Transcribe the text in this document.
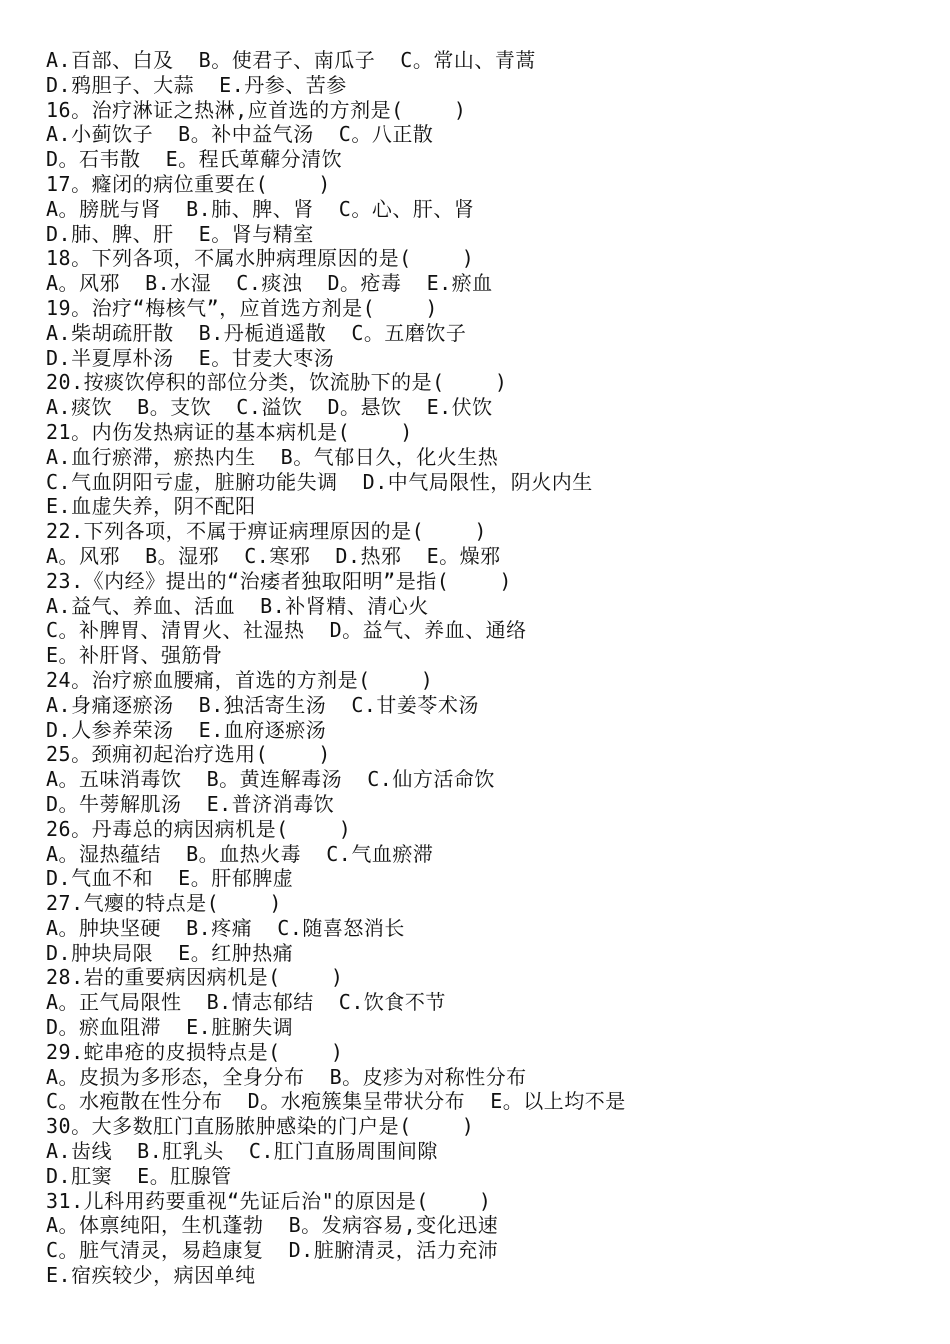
A.百部、白及  B。使君子、南瓜子  C。常山、青蒿
D.鸦胆子、大蒜  E.丹参、苦参
16。治疗淋证之热淋,应首选的方剂是(    )
A.小蓟饮子  B。补中益气汤  C。八正散
D。石韦散  E。程氏萆薢分清饮
17。癃闭的病位重要在(    )
A。膀胱与肾  B.肺、脾、肾  C。心、肝、肾
D.肺、脾、肝  E。肾与精室
18。下列各项，不属水肿病理原因的是(    )
A。风邪  B.水湿  C.痰浊  D。疮毒  E.瘀血
19。治疗“梅核气”，应首选方剂是(    )
A.柴胡疏肝散  B.丹栀逍遥散  C。五磨饮子
D.半夏厚朴汤  E。甘麦大枣汤
20.按痰饮停积的部位分类，饮流胁下的是(    )
A.痰饮  B。支饮  C.溢饮  D。悬饮  E.伏饮
21。内伤发热病证的基本病机是(    )
A.血行瘀滞，瘀热内生  B。气郁日久，化火生热
C.气血阴阳亏虚，脏腑功能失调  D.中气局限性，阴火内生
E.血虚失养，阴不配阳
22.下列各项，不属于痹证病理原因的是(    )
A。风邪  B。湿邪  C.寒邪  D.热邪  E。燥邪
23.《内经》提出的“治痿者独取阳明”是指(    )
A.益气、养血、活血  B.补肾精、清心火
C。补脾胃、清胃火、社湿热  D。益气、养血、通络
E。补肝肾、强筋骨
24。治疗瘀血腰痛，首选的方剂是(    )
A.身痛逐瘀汤  B.独活寄生汤  C.甘姜苓术汤
D.人参养荣汤  E.血府逐瘀汤
25。颈痈初起治疗选用(    )
A。五味消毒饮  B。黄连解毒汤  C.仙方活命饮
D。牛蒡解肌汤  E.普济消毒饮
26。丹毒总的病因病机是(    )
A。湿热蕴结  B。血热火毒  C.气血瘀滞
D.气血不和  E。肝郁脾虚
27.气瘿的特点是(    )
A。肿块坚硬  B.疼痛  C.随喜怒消长
D.肿块局限  E。红肿热痛
28.岩的重要病因病机是(    )
A。正气局限性  B.情志郁结  C.饮食不节
D。瘀血阻滞  E.脏腑失调
29.蛇串疮的皮损特点是(    )
A。皮损为多形态，全身分布  B。皮疹为对称性分布
C。水疱散在性分布  D。水疱簇集呈带状分布  E。以上均不是
30。大多数肛门直肠脓肿感染的门户是(    )
A.齿线  B.肛乳头  C.肛门直肠周围间隙
D.肛窦  E。肛腺管
31.儿科用药要重视“先证后治"的原因是(    )
A。体禀纯阳，生机蓬勃  B。发病容易,变化迅速
C。脏气清灵，易趋康复  D.脏腑清灵，活力充沛
E.宿疾较少，病因单纯
